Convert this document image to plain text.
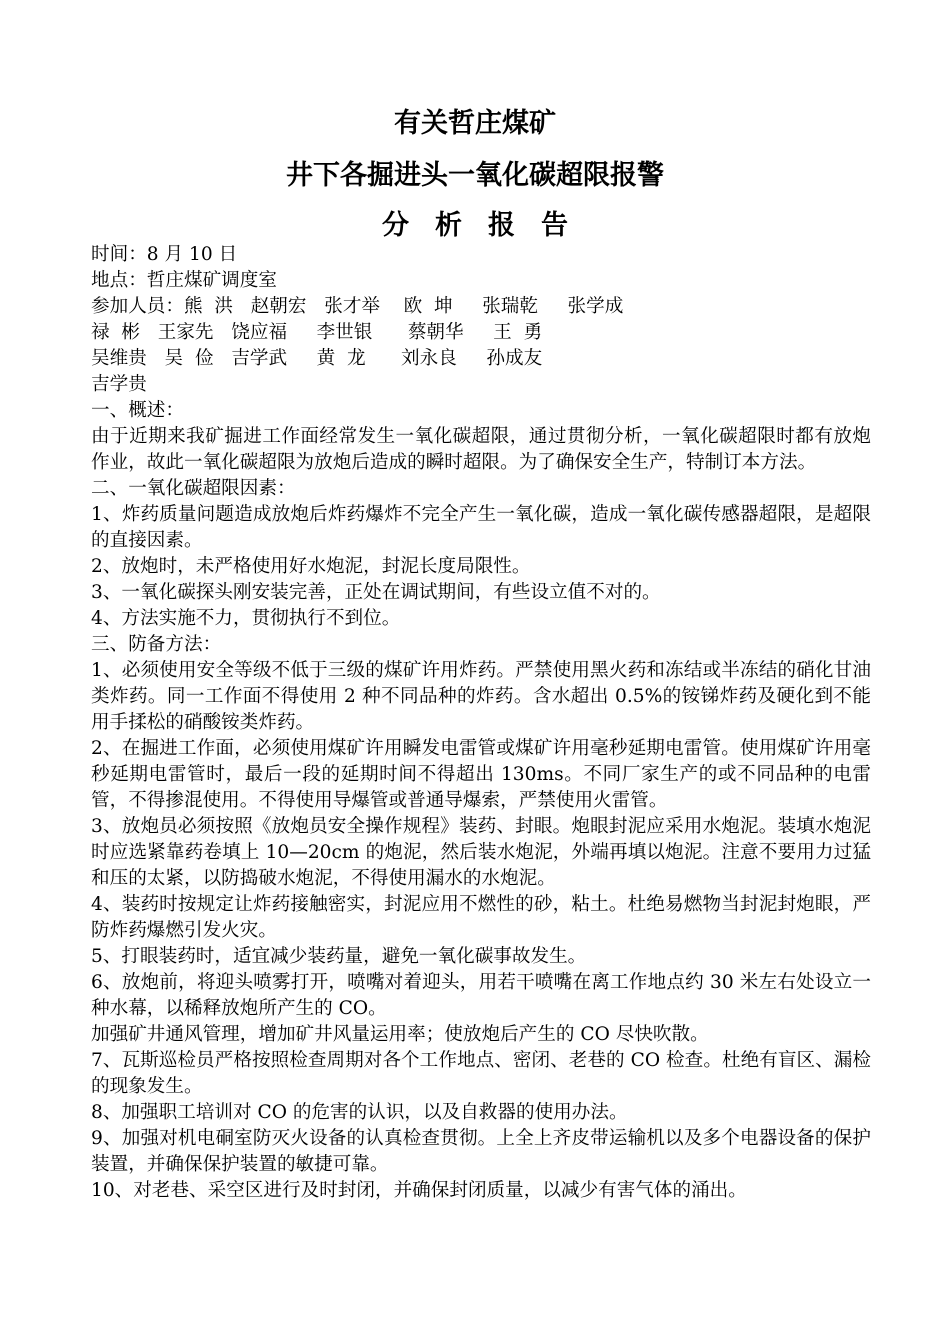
有关哲庄煤矿
井下各掘进头一氧化碳超限报警
分析报告

时间：8 月 10 日

地点：哲庄煤矿调度室

参加人员：熊  洪   赵朝宏   张才举    欧  坤     张瑞乾     张学成

禄  彬   王家先   饶应福     李世银      蔡朝华     王  勇

吴维贵   吴  俭   吉学武     黄  龙      刘永良     孙成友

吉学贵

一、概述：

由于近期来我矿掘进工作面经常发生一氧化碳超限，通过贯彻分析，一氧化碳超限时都有放炮作业，故此一氧化碳超限为放炮后造成的瞬时超限。为了确保安全生产，特制订本方法。

二、一氧化碳超限因素：

1、炸药质量问题造成放炮后炸药爆炸不完全产生一氧化碳，造成一氧化碳传感器超限，是超限的直接因素。

2、放炮时，未严格使用好水炮泥，封泥长度局限性。

3、一氧化碳探头刚安装完善，正处在调试期间，有些设立值不对的。

4、方法实施不力，贯彻执行不到位。

三、防备方法：

1、必须使用安全等级不低于三级的煤矿许用炸药。严禁使用黑火药和冻结或半冻结的硝化甘油类炸药。同一工作面不得使用 2 种不同品种的炸药。含水超出 0.5%的铵锑炸药及硬化到不能用手揉松的硝酸铵类炸药。

2、在掘进工作面，必须使用煤矿许用瞬发电雷管或煤矿许用毫秒延期电雷管。使用煤矿许用毫秒延期电雷管时，最后一段的延期时间不得超出 130ms。不同厂家生产的或不同品种的电雷管，不得掺混使用。不得使用导爆管或普通导爆索，严禁使用火雷管。

3、放炮员必须按照《放炮员安全操作规程》装药、封眼。炮眼封泥应采用水炮泥。装填水炮泥时应选紧靠药卷填上 10—20cm 的炮泥，然后装水炮泥，外端再填以炮泥。注意不要用力过猛和压的太紧，以防捣破水炮泥，不得使用漏水的水炮泥。

4、装药时按规定让炸药接触密实，封泥应用不燃性的砂，粘土。杜绝易燃物当封泥封炮眼，严防炸药爆燃引发火灾。

5、打眼装药时，适宜减少装药量，避免一氧化碳事故发生。

6、放炮前，将迎头喷雾打开，喷嘴对着迎头，用若干喷嘴在离工作地点约 30 米左右处设立一种水幕，以稀释放炮所产生的 CO。

加强矿井通风管理，增加矿井风量运用率；使放炮后产生的 CO 尽快吹散。

7、瓦斯巡检员严格按照检查周期对各个工作地点、密闭、老巷的 CO 检查。杜绝有盲区、漏检的现象发生。

8、加强职工培训对 CO 的危害的认识，以及自救器的使用办法。

9、加强对机电硐室防灭火设备的认真检查贯彻。上全上齐皮带运输机以及多个电器设备的保护装置，并确保保护装置的敏捷可靠。

10、对老巷、采空区进行及时封闭，并确保封闭质量，以减少有害气体的涌出。
